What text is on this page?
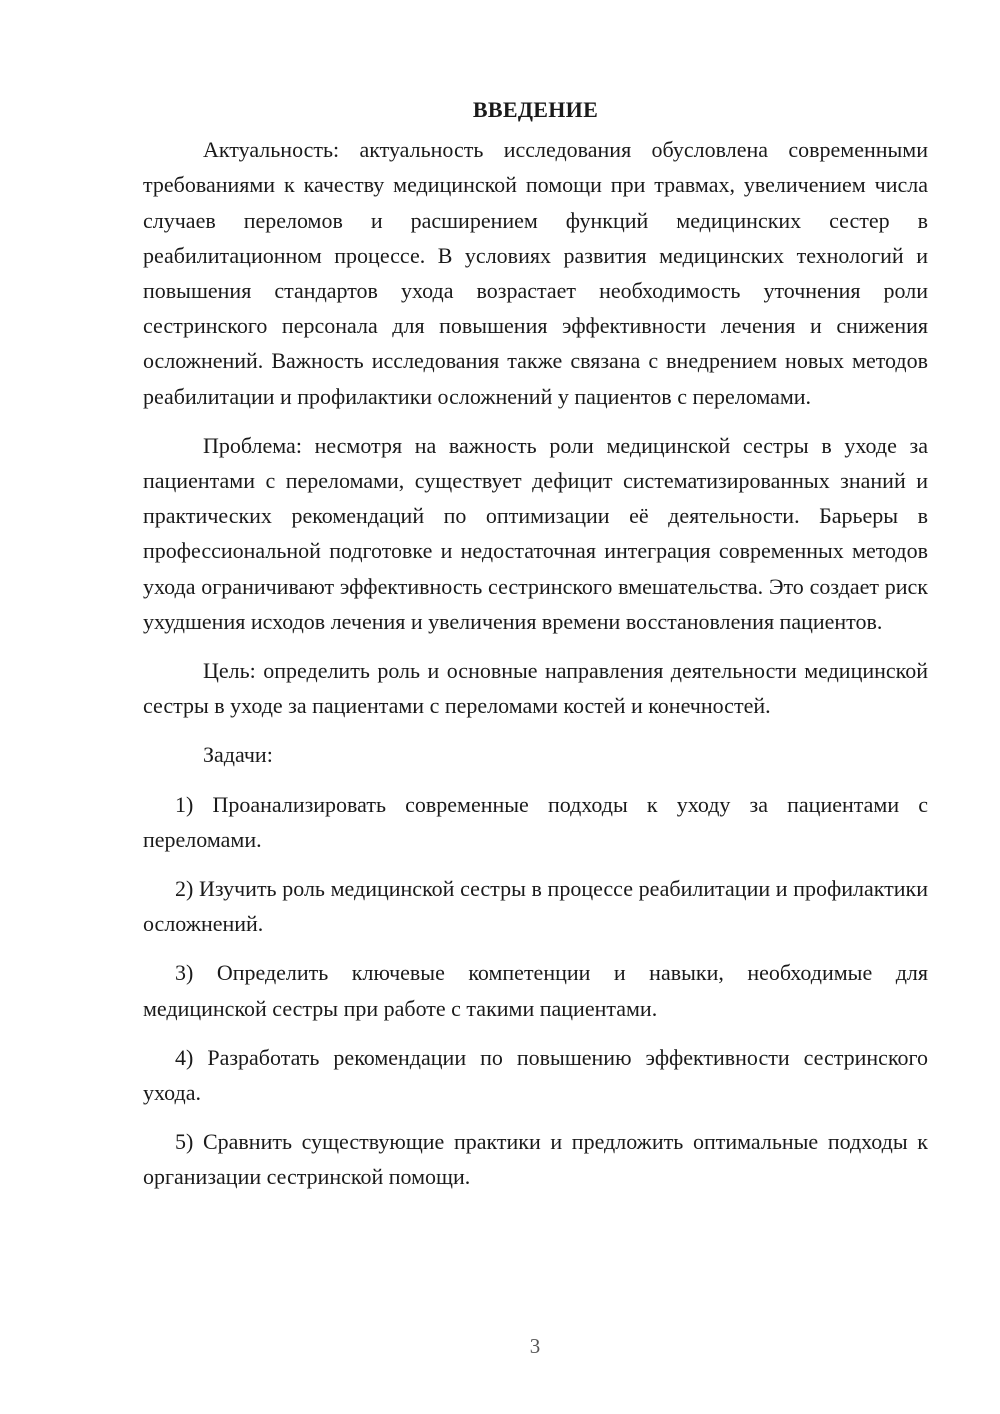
ВВЕДЕНИЕ

Актуальность: актуальность исследования обусловлена современными требованиями к качеству медицинской помощи при травмах, увеличением числа случаев переломов и расширением функций медицинских сестер в реабилитационном процессе. В условиях развития медицинских технологий и повышения стандартов ухода возрастает необходимость уточнения роли сестринского персонала для повышения эффективности лечения и снижения осложнений. Важность исследования также связана с внедрением новых методов реабилитации и профилактики осложнений у пациентов с переломами.

Проблема: несмотря на важность роли медицинской сестры в уходе за пациентами с переломами, существует дефицит систематизированных знаний и практических рекомендаций по оптимизации её деятельности. Барьеры в профессиональной подготовке и недостаточная интеграция современных методов ухода ограничивают эффективность сестринского вмешательства. Это создает риск ухудшения исходов лечения и увеличения времени восстановления пациентов.

Цель: определить роль и основные направления деятельности медицинской сестры в уходе за пациентами с переломами костей и конечностей.

Задачи:

1) Проанализировать современные подходы к уходу за пациентами с переломами.

2) Изучить роль медицинской сестры в процессе реабилитации и профилактики осложнений.

3) Определить ключевые компетенции и навыки, необходимые для медицинской сестры при работе с такими пациентами.

4) Разработать рекомендации по повышению эффективности сестринского ухода.

5) Сравнить существующие практики и предложить оптимальные подходы к организации сестринской помощи.

3
